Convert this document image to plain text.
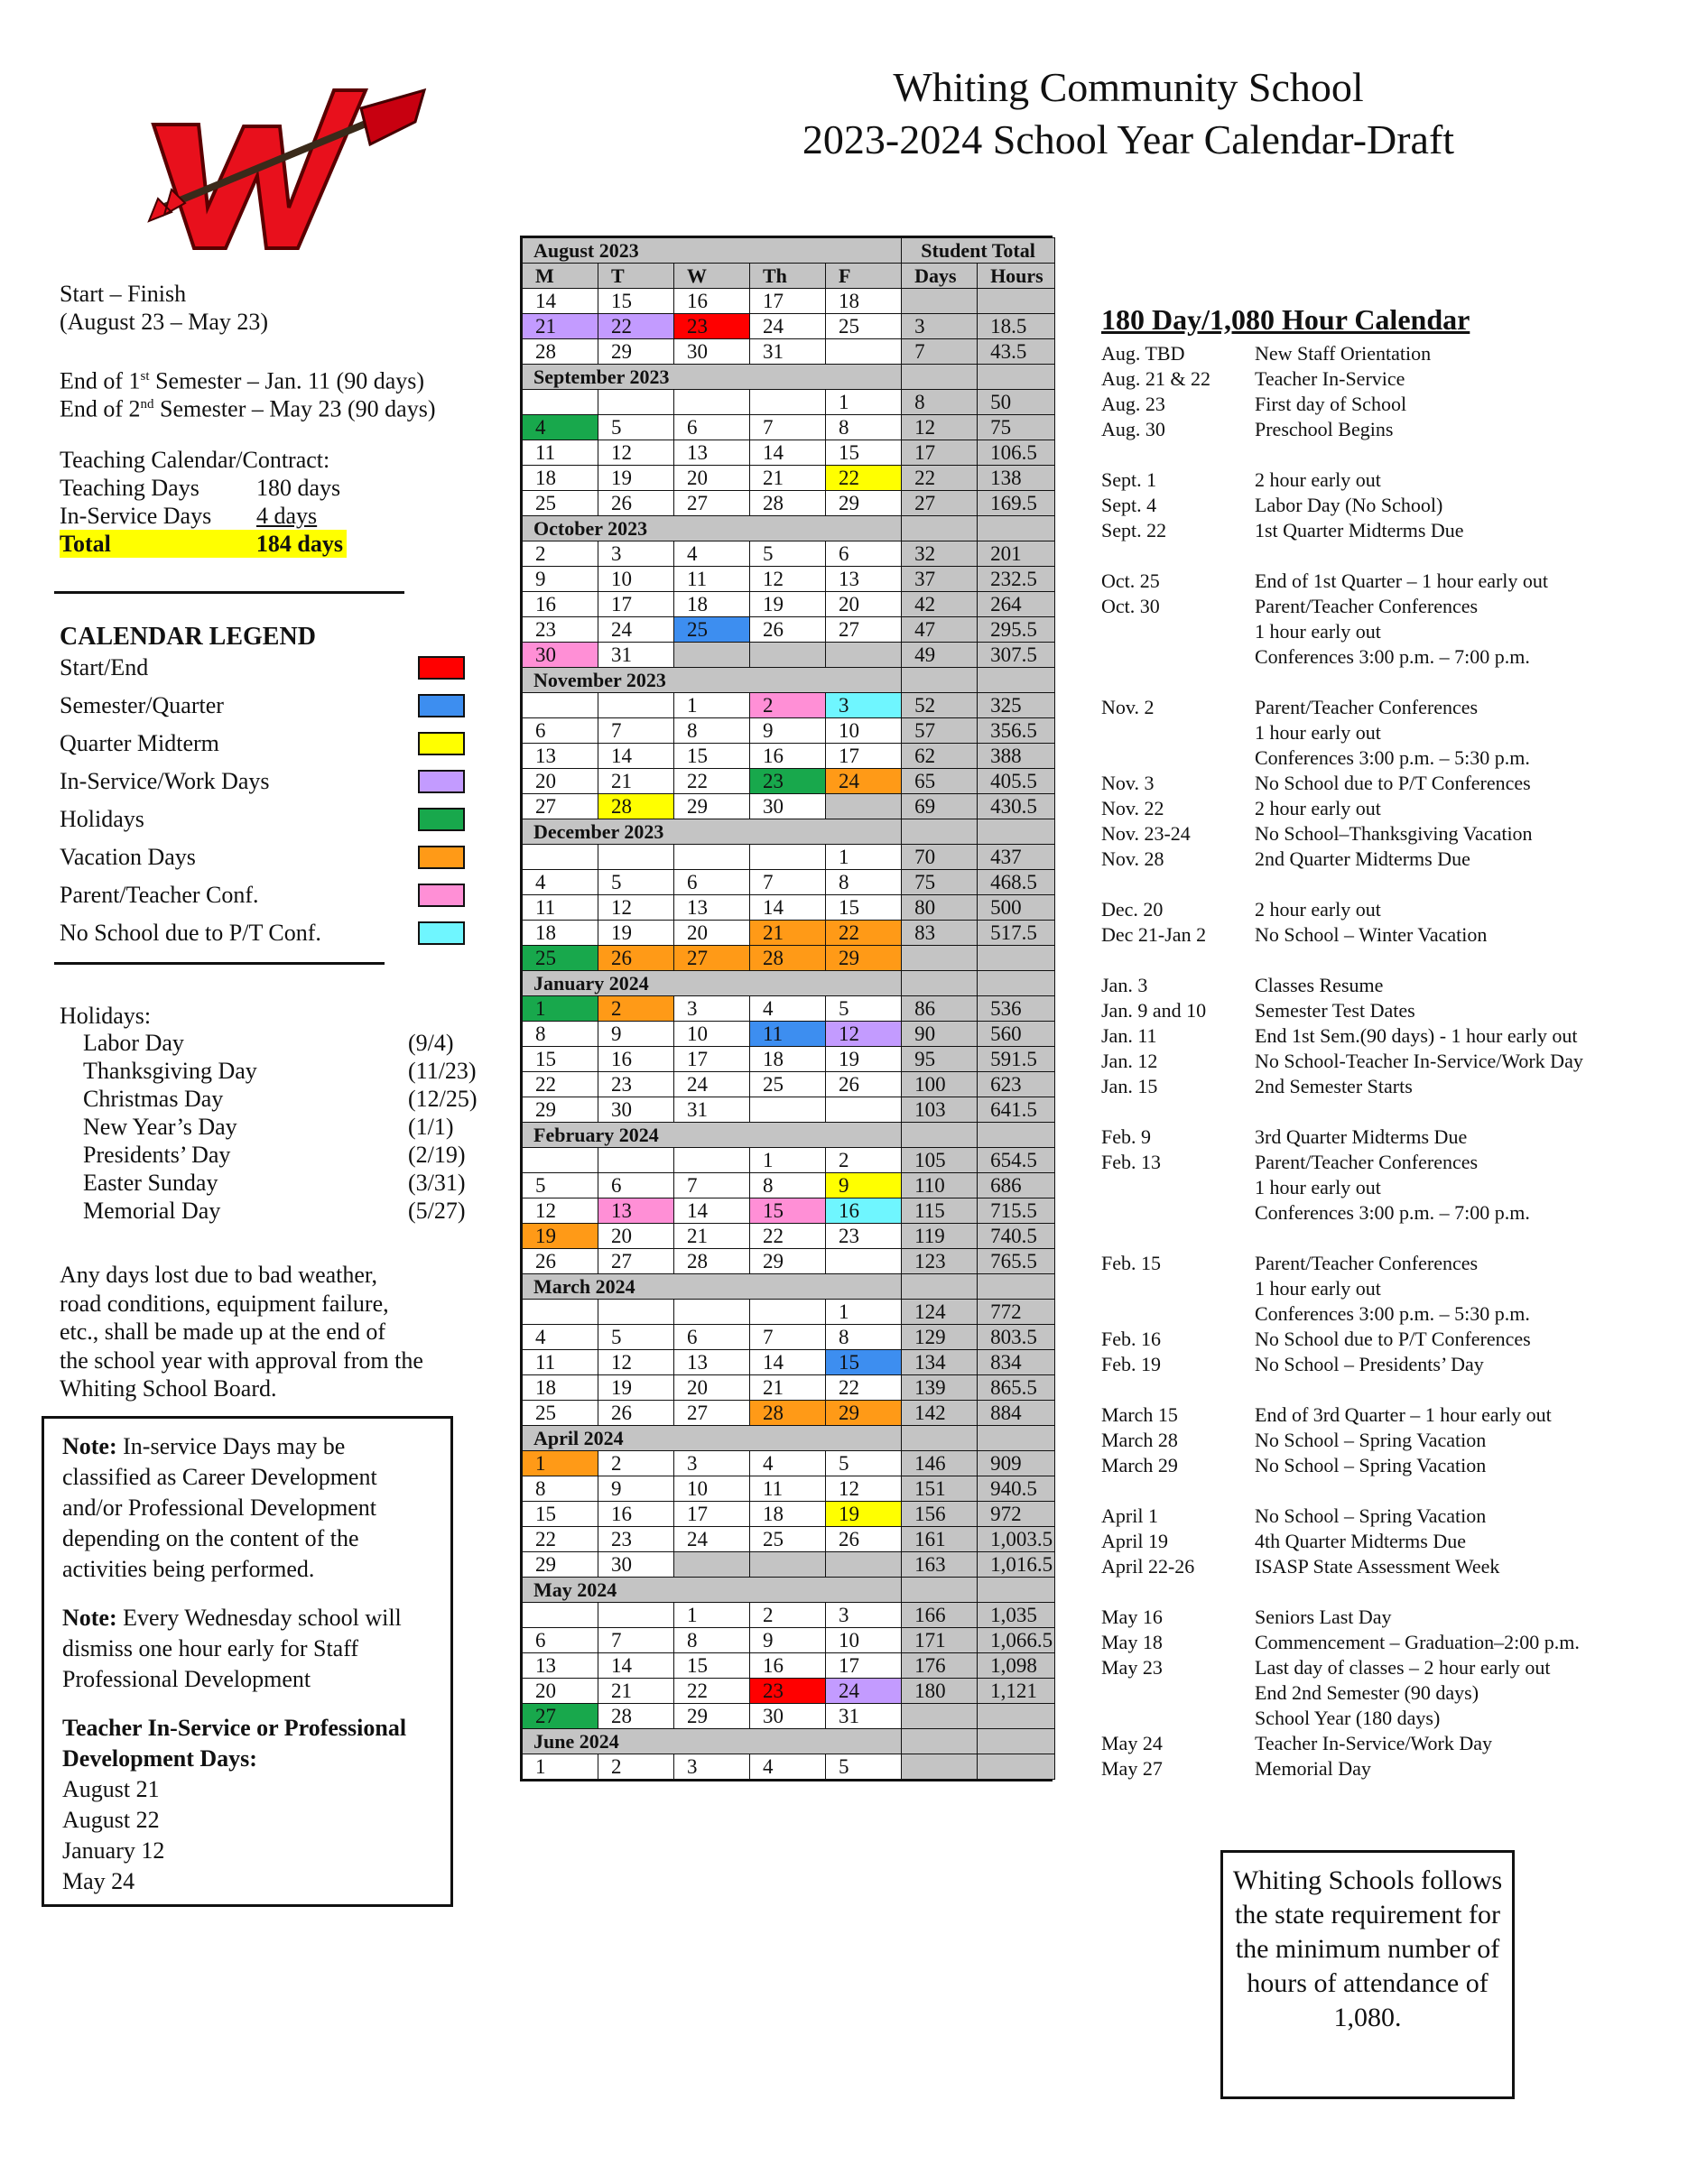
Whiting Community School
2023-2024 School Year Calendar-Draft
Start – Finish
(August 23 – May 23)
End of 1st Semester – Jan. 11 (90 days)
End of 2nd Semester – May 23 (90 days)
Teaching Calendar/Contract:
Teaching Days 180 days
In-Service Days 4 days
Total	184 days
CALENDAR LEGEND
Start/End
Semester/Quarter
Quarter Midterm
In-Service/Work Days
Holidays
Vacation Days
Parent/Teacher Conf.
No School due to P/T Conf.
Holidays:
Labor Day	(9/4)
Thanksgiving Day	(11/23)
Christmas Day	(12/25)
New Year’s Day	(1/1)
Presidents’ Day	(2/19)
Easter Sunday	(3/31)
Memorial Day	(5/27)
Any days lost due to bad weather,
road conditions, equipment failure,
etc., shall be made up at the end of
the school year with approval from the
Whiting School Board.

Note: In-service Days may be classified as Career Development and/or Professional Development depending on the content of the activities being performed.

Note: Every Wednesday school will dismiss one hour early for Staff Professional Development

Teacher In-Service or Professional Development Days:
August 21
August 22
January 12
May 24
August 2023					Student Total	
M	T	W	Th	F	Days	Hours
14	15	16	17	18		
21	22	23	24	25	3	18.5
28	29	30	31		7	43.5
September 2023						
				1	8	50
4	5	6	7	8	12	75
11	12	13	14	15	17	106.5
18	19	20	21	22	22	138
25	26	27	28	29	27	169.5
October 2023						
2	3	4	5	6	32	201
9	10	11	12	13	37	232.5
16	17	18	19	20	42	264
23	24	25	26	27	47	295.5
30	31				49	307.5
November 2023						
		1	2	3	52	325
6	7	8	9	10	57	356.5
13	14	15	16	17	62	388
20	21	22	23	24	65	405.5
27	28	29	30		69	430.5
December 2023						
				1	70	437
4	5	6	7	8	75	468.5
11	12	13	14	15	80	500
18	19	20	21	22	83	517.5
25	26	27	28	29		
January 2024						
1	2	3	4	5	86	536
8	9	10	11	12	90	560
15	16	17	18	19	95	591.5
22	23	24	25	26	100	623
29	30	31			103	641.5
February 2024						
			1	2	105	654.5
5	6	7	8	9	110	686
12	13	14	15	16	115	715.5
19	20	21	22	23	119	740.5
26	27	28	29		123	765.5
March 2024						
				1	124	772
4	5	6	7	8	129	803.5
11	12	13	14	15	134	834
18	19	20	21	22	139	865.5
25	26	27	28	29	142	884
April 2024						
1	2	3	4	5	146	909
8	9	10	11	12	151	940.5
15	16	17	18	19	156	972
22	23	24	25	26	161	1,003.5
29	30				163	1,016.5
May 2024						
		1	2	3	166	1,035
6	7	8	9	10	171	1,066.5
13	14	15	16	17	176	1,098
20	21	22	23	24	180	1,121
27	28	29	30	31		
June 2024						
1	2	3	4	5		
180 Day/1,080 Hour Calendar
Aug. TBD	New Staff Orientation
Aug. 21 & 22 Teacher In-Service
Aug. 23	First day of School
Aug. 30	Preschool Begins
Sept. 1	2 hour early out
Sept. 4	Labor Day (No School)
Sept. 22	1st Quarter Midterms Due
Oct. 25	End of 1st Quarter – 1 hour early out
Oct. 30	Parent/Teacher Conferences
1 hour early out
Conferences 3:00 p.m. – 7:00 p.m.
Nov. 2	Parent/Teacher Conferences
1 hour early out
Conferences 3:00 p.m. – 5:30 p.m.
Nov. 3	No School due to P/T Conferences
Nov. 22	2 hour early out
Nov. 23-24	No School–Thanksgiving Vacation
Nov. 28	2nd Quarter Midterms Due
Dec. 20	2 hour early out
Dec 21-Jan 2 No School – Winter Vacation
Jan. 3	Classes Resume
Jan. 9 and 10 Semester Test Dates
Jan. 11	End 1st Sem.(90 days) - 1 hour early out
Jan. 12	No School-Teacher In-Service/Work Day
Jan. 15	2nd Semester Starts
Feb. 9	3rd Quarter Midterms Due
Feb. 13	Parent/Teacher Conferences
1 hour early out
Conferences 3:00 p.m. – 7:00 p.m.
Feb. 15	Parent/Teacher Conferences
1 hour early out
Conferences 3:00 p.m. – 5:30 p.m.
Feb. 16	No School due to P/T Conferences
Feb. 19	No School – Presidents’ Day
March 15	End of 3rd Quarter – 1 hour early out
March 28	No School – Spring Vacation
March 29	No School – Spring Vacation
April 1	No School – Spring Vacation
April 19	4th Quarter Midterms Due
April 22-26	ISASP State Assessment Week
May 16	Seniors Last Day
May 18	Commencement – Graduation–2:00 p.m.
May 23	Last day of classes – 2 hour early out
End 2nd Semester (90 days)
School Year (180 days)
May 24	Teacher In-Service/Work Day
May 27	Memorial Day
Whiting Schools follows the state requirement for the minimum number of hours of attendance of 1,080.
